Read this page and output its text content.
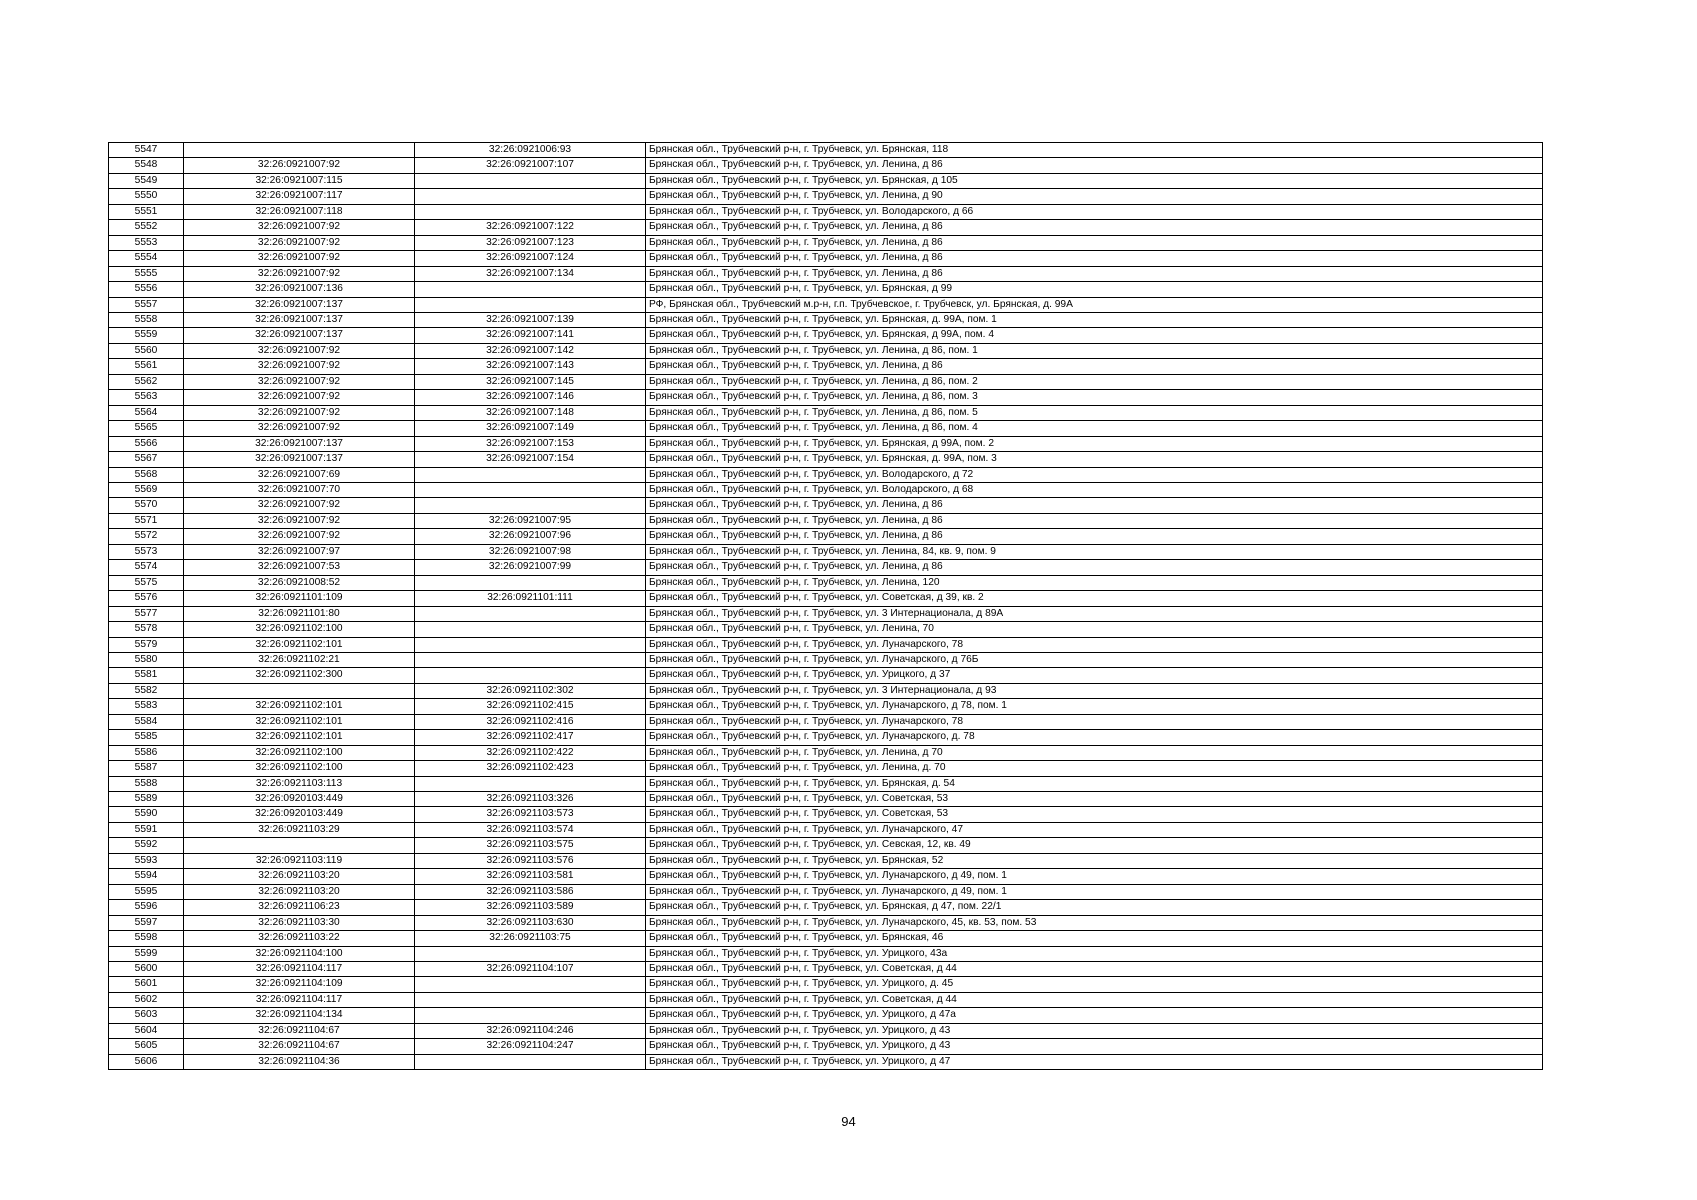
5547		32:26:0921006:93	Брянская обл., Трубчевский р-н, г. Трубчевск, ул. Брянская, 118
5548	32:26:0921007:92	32:26:0921007:107	Брянская обл., Трубчевский р-н, г. Трубчевск, ул. Ленина, д 86
5549	32:26:0921007:115		Брянская обл., Трубчевский р-н, г. Трубчевск, ул. Брянская, д 105
5550	32:26:0921007:117		Брянская обл., Трубчевский р-н, г. Трубчевск, ул. Ленина, д 90
5551	32:26:0921007:118		Брянская обл., Трубчевский р-н, г. Трубчевск, ул. Володарского, д 66
5552	32:26:0921007:92	32:26:0921007:122	Брянская обл., Трубчевский р-н, г. Трубчевск, ул. Ленина, д 86
5553	32:26:0921007:92	32:26:0921007:123	Брянская обл., Трубчевский р-н, г. Трубчевск, ул. Ленина, д 86
5554	32:26:0921007:92	32:26:0921007:124	Брянская обл., Трубчевский р-н, г. Трубчевск, ул. Ленина, д 86
5555	32:26:0921007:92	32:26:0921007:134	Брянская обл., Трубчевский р-н, г. Трубчевск, ул. Ленина, д 86
5556	32:26:0921007:136		Брянская обл., Трубчевский р-н, г. Трубчевск, ул. Брянская, д 99
5557	32:26:0921007:137		РФ, Брянская обл., Трубчевский м.р-н, г.п. Трубчевское, г. Трубчевск, ул. Брянская, д. 99А
5558	32:26:0921007:137	32:26:0921007:139	Брянская обл., Трубчевский р-н, г. Трубчевск, ул. Брянская, д. 99А, пом. 1
5559	32:26:0921007:137	32:26:0921007:141	Брянская обл., Трубчевский р-н, г. Трубчевск, ул. Брянская, д 99А, пом. 4
5560	32:26:0921007:92	32:26:0921007:142	Брянская обл., Трубчевский р-н, г. Трубчевск, ул. Ленина, д 86, пом. 1
5561	32:26:0921007:92	32:26:0921007:143	Брянская обл., Трубчевский р-н, г. Трубчевск, ул. Ленина, д 86
5562	32:26:0921007:92	32:26:0921007:145	Брянская обл., Трубчевский р-н, г. Трубчевск, ул. Ленина, д 86, пом. 2
5563	32:26:0921007:92	32:26:0921007:146	Брянская обл., Трубчевский р-н, г. Трубчевск, ул. Ленина, д 86, пом. 3
5564	32:26:0921007:92	32:26:0921007:148	Брянская обл., Трубчевский р-н, г. Трубчевск, ул. Ленина, д 86, пом. 5
5565	32:26:0921007:92	32:26:0921007:149	Брянская обл., Трубчевский р-н, г. Трубчевск, ул. Ленина, д 86, пом. 4
5566	32:26:0921007:137	32:26:0921007:153	Брянская обл., Трубчевский р-н, г. Трубчевск, ул. Брянская, д 99А, пом. 2
5567	32:26:0921007:137	32:26:0921007:154	Брянская обл., Трубчевский р-н, г. Трубчевск, ул. Брянская, д. 99А, пом. 3
5568	32:26:0921007:69		Брянская обл., Трубчевский р-н, г. Трубчевск, ул. Володарского, д 72
5569	32:26:0921007:70		Брянская обл., Трубчевский р-н, г. Трубчевск, ул. Володарского, д 68
5570	32:26:0921007:92		Брянская обл., Трубчевский р-н, г. Трубчевск, ул. Ленина, д 86
5571	32:26:0921007:92	32:26:0921007:95	Брянская обл., Трубчевский р-н, г. Трубчевск, ул. Ленина, д 86
5572	32:26:0921007:92	32:26:0921007:96	Брянская обл., Трубчевский р-н, г. Трубчевск, ул. Ленина, д 86
5573	32:26:0921007:97	32:26:0921007:98	Брянская обл., Трубчевский р-н, г. Трубчевск, ул. Ленина, 84, кв. 9, пом. 9
5574	32:26:0921007:53	32:26:0921007:99	Брянская обл., Трубчевский р-н, г. Трубчевск, ул. Ленина, д 86
5575	32:26:0921008:52		Брянская обл., Трубчевский р-н, г. Трубчевск, ул. Ленина, 120
5576	32:26:0921101:109	32:26:0921101:111	Брянская обл., Трубчевский р-н, г. Трубчевск, ул. Советская, д 39, кв. 2
5577	32:26:0921101:80		Брянская обл., Трубчевский р-н, г. Трубчевск, ул. 3 Интернационала, д 89А
5578	32:26:0921102:100		Брянская обл., Трубчевский р-н, г. Трубчевск, ул. Ленина, 70
5579	32:26:0921102:101		Брянская обл., Трубчевский р-н, г. Трубчевск, ул. Луначарского, 78
5580	32:26:0921102:21		Брянская обл., Трубчевский р-н, г. Трубчевск, ул. Луначарского, д 76Б
5581	32:26:0921102:300		Брянская обл., Трубчевский р-н, г. Трубчевск, ул. Урицкого, д 37
5582		32:26:0921102:302	Брянская обл., Трубчевский р-н, г. Трубчевск, ул. 3 Интернационала, д 93
5583	32:26:0921102:101	32:26:0921102:415	Брянская обл., Трубчевский р-н, г. Трубчевск, ул. Луначарского, д 78, пом. 1
5584	32:26:0921102:101	32:26:0921102:416	Брянская обл., Трубчевский р-н, г. Трубчевск, ул. Луначарского, 78
5585	32:26:0921102:101	32:26:0921102:417	Брянская обл., Трубчевский р-н, г. Трубчевск, ул. Луначарского, д. 78
5586	32:26:0921102:100	32:26:0921102:422	Брянская обл., Трубчевский р-н, г. Трубчевск, ул. Ленина, д 70
5587	32:26:0921102:100	32:26:0921102:423	Брянская обл., Трубчевский р-н, г. Трубчевск, ул. Ленина, д. 70
5588	32:26:0921103:113		Брянская обл., Трубчевский р-н, г. Трубчевск, ул. Брянская, д. 54
5589	32:26:0920103:449	32:26:0921103:326	Брянская обл., Трубчевский р-н, г. Трубчевск, ул. Советская, 53
5590	32:26:0920103:449	32:26:0921103:573	Брянская обл., Трубчевский р-н, г. Трубчевск, ул. Советская, 53
5591	32:26:0921103:29	32:26:0921103:574	Брянская обл., Трубчевский р-н, г. Трубчевск, ул. Луначарского, 47
5592		32:26:0921103:575	Брянская обл., Трубчевский р-н, г. Трубчевск, ул. Севская, 12, кв. 49
5593	32:26:0921103:119	32:26:0921103:576	Брянская обл., Трубчевский р-н, г. Трубчевск, ул. Брянская, 52
5594	32:26:0921103:20	32:26:0921103:581	Брянская обл., Трубчевский р-н, г. Трубчевск, ул. Луначарского, д 49, пом. 1
5595	32:26:0921103:20	32:26:0921103:586	Брянская обл., Трубчевский р-н, г. Трубчевск, ул. Луначарского, д 49, пом. 1
5596	32:26:0921106:23	32:26:0921103:589	Брянская обл., Трубчевский р-н, г. Трубчевск, ул. Брянская, д 47, пом. 22/1
5597	32:26:0921103:30	32:26:0921103:630	Брянская обл., Трубчевский р-н, г. Трубчевск, ул. Луначарского, 45, кв. 53, пом. 53
5598	32:26:0921103:22	32:26:0921103:75	Брянская обл., Трубчевский р-н, г. Трубчевск, ул. Брянская, 46
5599	32:26:0921104:100		Брянская обл., Трубчевский р-н, г. Трубчевск, ул. Урицкого, 43а
5600	32:26:0921104:117	32:26:0921104:107	Брянская обл., Трубчевский р-н, г. Трубчевск, ул. Советская, д 44
5601	32:26:0921104:109		Брянская обл., Трубчевский р-н, г. Трубчевск, ул. Урицкого, д. 45
5602	32:26:0921104:117		Брянская обл., Трубчевский р-н, г. Трубчевск, ул. Советская, д 44
5603	32:26:0921104:134		Брянская обл., Трубчевский р-н, г. Трубчевск, ул. Урицкого, д 47а
5604	32:26:0921104:67	32:26:0921104:246	Брянская обл., Трубчевский р-н, г. Трубчевск, ул. Урицкого, д 43
5605	32:26:0921104:67	32:26:0921104:247	Брянская обл., Трубчевский р-н, г. Трубчевск, ул. Урицкого, д 43
5606	32:26:0921104:36		Брянская обл., Трубчевский р-н, г. Трубчевск, ул. Урицкого, д 47
94
